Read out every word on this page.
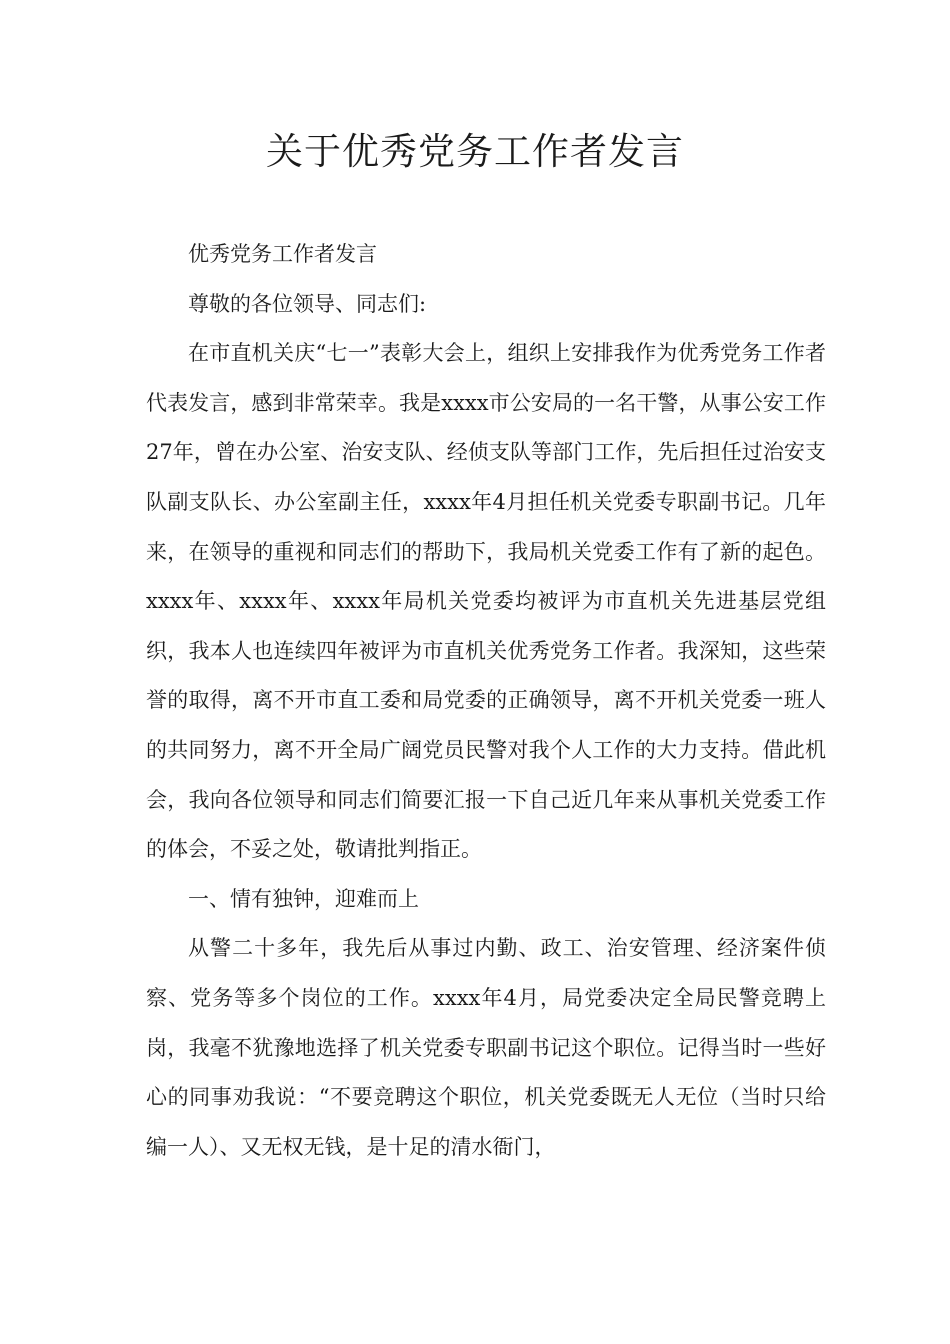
关于优秀党务工作者发言

优秀党务工作者发言

尊敬的各位领导、同志们:

在市直机关庆“七一”表彰大会上，组织上安排我作为优秀党务工作者代表发言，感到非常荣幸。我是xxxx市公安局的一名干警，从事公安工作27年，曾在办公室、治安支队、经侦支队等部门工作，先后担任过治安支队副支队长、办公室副主任，xxxx年4月担任机关党委专职副书记。几年来，在领导的重视和同志们的帮助下，我局机关党委工作有了新的起色。xxxx年、xxxx年、xxxx年局机关党委均被评为市直机关先进基层党组织，我本人也连续四年被评为市直机关优秀党务工作者。我深知，这些荣誉的取得，离不开市直工委和局党委的正确领导，离不开机关党委一班人的共同努力，离不开全局广阔党员民警对我个人工作的大力支持。借此机会，我向各位领导和同志们简要汇报一下自己近几年来从事机关党委工作的体会，不妥之处，敬请批判指正。

一、情有独钟，迎难而上

从警二十多年，我先后从事过内勤、政工、治安管理、经济案件侦察、党务等多个岗位的工作。xxxx年4月，局党委决定全局民警竞聘上岗，我毫不犹豫地选择了机关党委专职副书记这个职位。记得当时一些好心的同事劝我说：“不要竞聘这个职位，机关党委既无人无位（当时只给编一人）、又无权无钱，是十足的清水衙门，
